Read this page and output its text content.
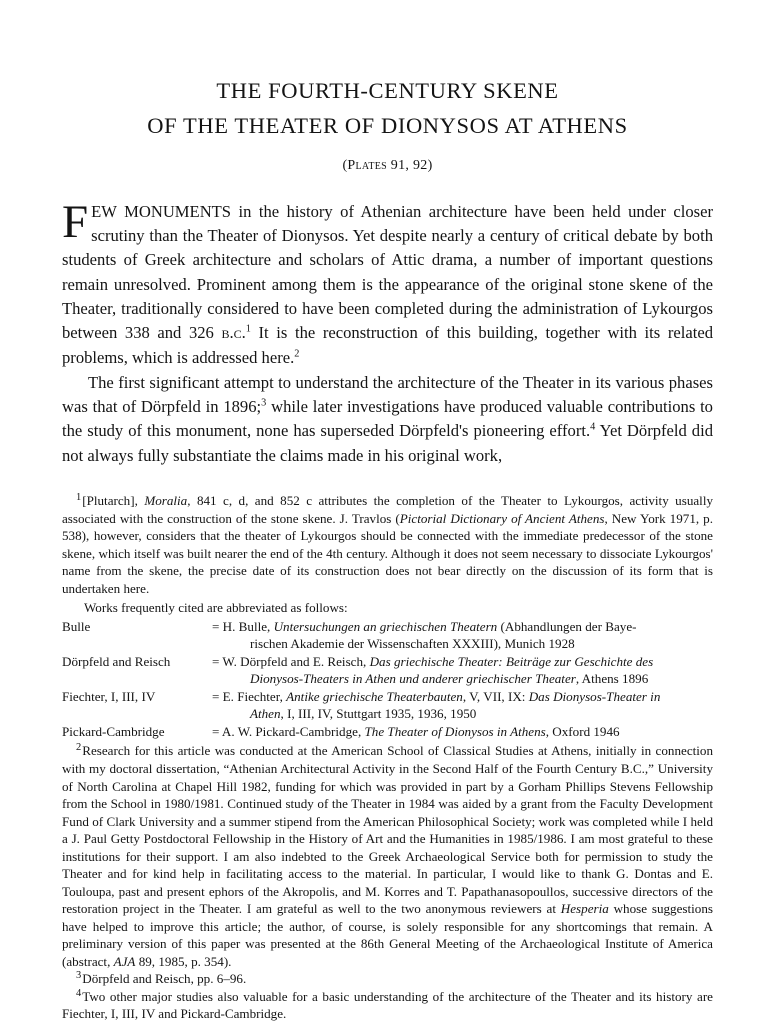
THE FOURTH-CENTURY SKENE
OF THE THEATER OF DIONYSOS AT ATHENS
(Plates 91, 92)

FEW MONUMENTS in the history of Athenian architecture have been held under closer scrutiny than the Theater of Dionysos. Yet despite nearly a century of critical debate by both students of Greek architecture and scholars of Attic drama, a number of important questions remain unresolved. Prominent among them is the appearance of the original stone skene of the Theater, traditionally considered to have been completed during the administration of Lykourgos between 338 and 326 b.c.$^1$ It is the reconstruction of this building, together with its related problems, which is addressed here.$^2$

The first significant attempt to understand the architecture of the Theater in its various phases was that of Dörpfeld in 1896;$^3$ while later investigations have produced valuable contributions to the study of this monument, none has superseded Dörpfeld's pioneering effort.$^4$ Yet Dörpfeld did not always fully substantiate the claims made in his original work,

$^1$[Plutarch], Moralia, 841 c, d, and 852 c attributes the completion of the Theater to Lykourgos, activity usually associated with the construction of the stone skene. J. Travlos (Pictorial Dictionary of Ancient Athens, New York 1971, p. 538), however, considers that the theater of Lykourgos should be connected with the immediate predecessor of the stone skene, which itself was built nearer the end of the 4th century. Although it does not seem necessary to dissociate Lykourgos' name from the skene, the precise date of its construction does not bear directly on the discussion of its form that is undertaken here.

Works frequently cited are abbreviated as follows:

Bulle	= H. Bulle, Untersuchungen an griechischen Theatern (Abhandlungen der Baye-
rischen Akademie der Wissenschaften XXXIII), Munich 1928

Dörpfeld and Reisch	= W. Dörpfeld and E. Reisch, Das griechische Theater: Beiträge zur Geschichte des
Dionysos-Theaters in Athen und anderer griechischer Theater, Athens 1896

Fiechter, I, III, IV	= E. Fiechter, Antike griechische Theaterbauten, V, VII, IX: Das Dionysos-Theater in
Athen, I, III, IV, Stuttgart 1935, 1936, 1950

Pickard-Cambridge	= A. W. Pickard-Cambridge, The Theater of Dionysos in Athens, Oxford 1946

$^2$Research for this article was conducted at the American School of Classical Studies at Athens, initially in connection with my doctoral dissertation, “Athenian Architectural Activity in the Second Half of the Fourth Century B.C.,” University of North Carolina at Chapel Hill 1982, funding for which was provided in part by a Gorham Phillips Stevens Fellowship from the School in 1980/1981. Continued study of the Theater in 1984 was aided by a grant from the Faculty Development Fund of Clark University and a summer stipend from the American Philosophical Society; work was completed while I held a J. Paul Getty Postdoctoral Fellowship in the History of Art and the Humanities in 1985/1986. I am most grateful to these institutions for their support. I am also indebted to the Greek Archaeological Service both for permission to study the Theater and for kind help in facilitating access to the material. In particular, I would like to thank G. Dontas and E. Touloupa, past and present ephors of the Akropolis, and M. Korres and T. Papathanasopoullos, successive directors of the restoration project in the Theater. I am grateful as well to the two anonymous reviewers at Hesperia whose suggestions have helped to improve this article; the author, of course, is solely responsible for any shortcomings that remain. A preliminary version of this paper was presented at the 86th General Meeting of the Archaeological Institute of America (abstract, AJA 89, 1985, p. 354).

$^3$Dörpfeld and Reisch, pp. 6–96.

$^4$Two other major studies also valuable for a basic understanding of the architecture of the Theater and its history are Fiechter, I, III, IV and Pickard-Cambridge.
